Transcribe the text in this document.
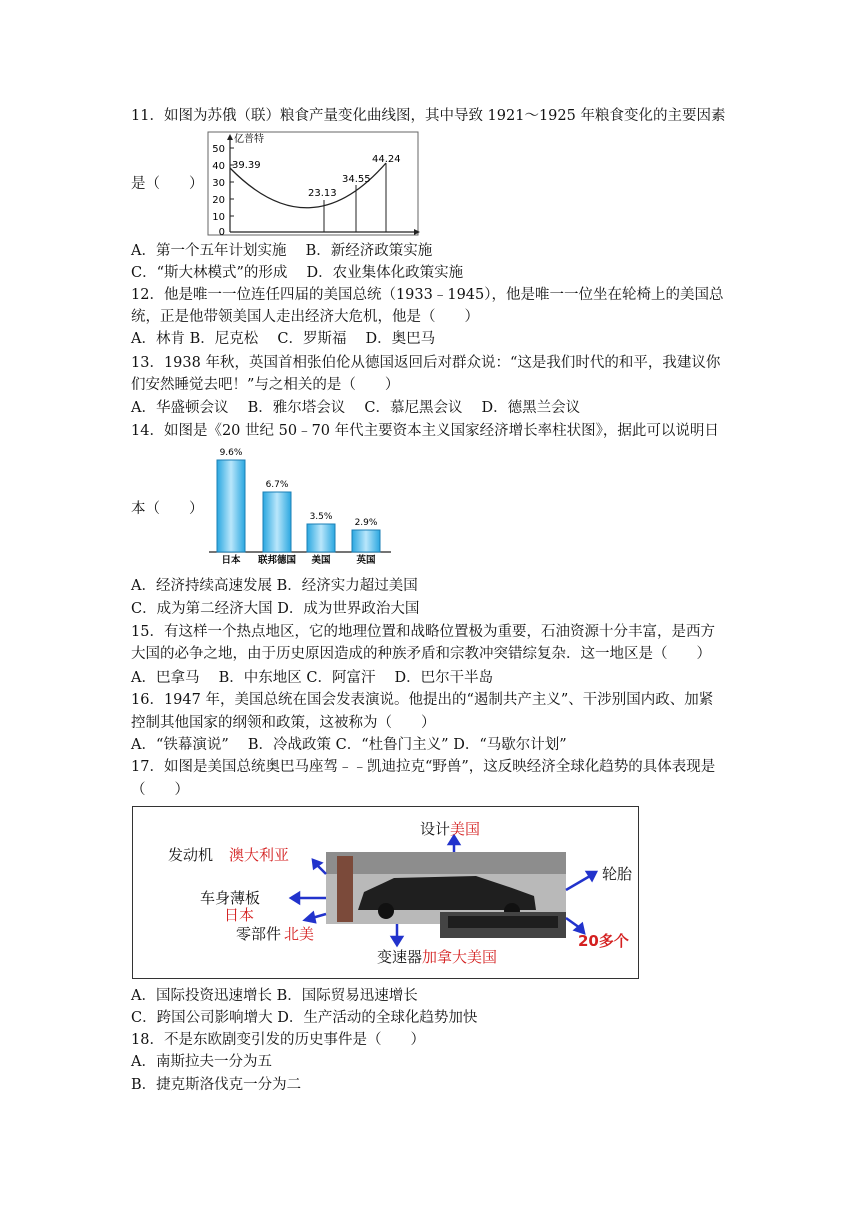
11．如图为苏俄（联）粮食产量变化曲线图，其中导致 1921～1925 年粮食变化的主要因素
是（　　）
50
40
30
20
10
0
亿普特
39.39
23.13
34.55
44.24
A．第一个五年计划实施　 B．新经济政策实施
C．“斯大林模式”的形成　 D．农业集体化政策实施
12．他是唯一一位连任四届的美国总统（1933﹣1945），他是唯一一位坐在轮椅上的美国总
统，正是他带领美国人走出经济大危机，他是（　　）
A．林肯 B．尼克松　 C．罗斯福　 D．奥巴马
13．1938 年秋，英国首相张伯伦从德国返回后对群众说：“这是我们时代的和平，我建议你
们安然睡觉去吧！”与之相关的是（　　）
A．华盛顿会议　 B．雅尔塔会议　 C．慕尼黑会议　 D．德黑兰会议
14．如图是《20 世纪 50﹣70 年代主要资本主义国家经济增长率柱状图》，据此可以说明日
本（　　）
9.6%
6.7%
3.5%
2.9%
日本 联邦德国 美国	英国
A．经济持续高速发展 B．经济实力超过美国
C．成为第二经济大国 D．成为世界政治大国
15．有这样一个热点地区，它的地理位置和战略位置极为重要，石油资源十分丰富，是西方
大国的必争之地，由于历史原因造成的种族矛盾和宗教冲突错综复杂．这一地区是（　　）
A．巴拿马　 B．中东地区 C．阿富汗　 D．巴尔干半岛
16．1947 年，美国总统在国会发表演说。他提出的“遏制共产主义”、干涉别国内政、加紧
控制其他国家的纲领和政策，这被称为（　　）
A．“铁幕演说”　 B．冷战政策 C．“杜鲁门主义” D．“马歇尔计划”
17．如图是美国总统奥巴马座驾﹣﹣凯迪拉克“野兽”，这反映经济全球化趋势的具体表现是
（　　）
设计 美国
发动机 澳大利亚
车身薄板
日本
零部件 北美
变速器 加拿大美国
轮胎
20多个
A．国际投资迅速增长 B．国际贸易迅速增长
C．跨国公司影响增大 D．生产活动的全球化趋势加快
18．不是东欧剧变引发的历史事件是（　　）
A．南斯拉夫一分为五
B．捷克斯洛伐克一分为二
